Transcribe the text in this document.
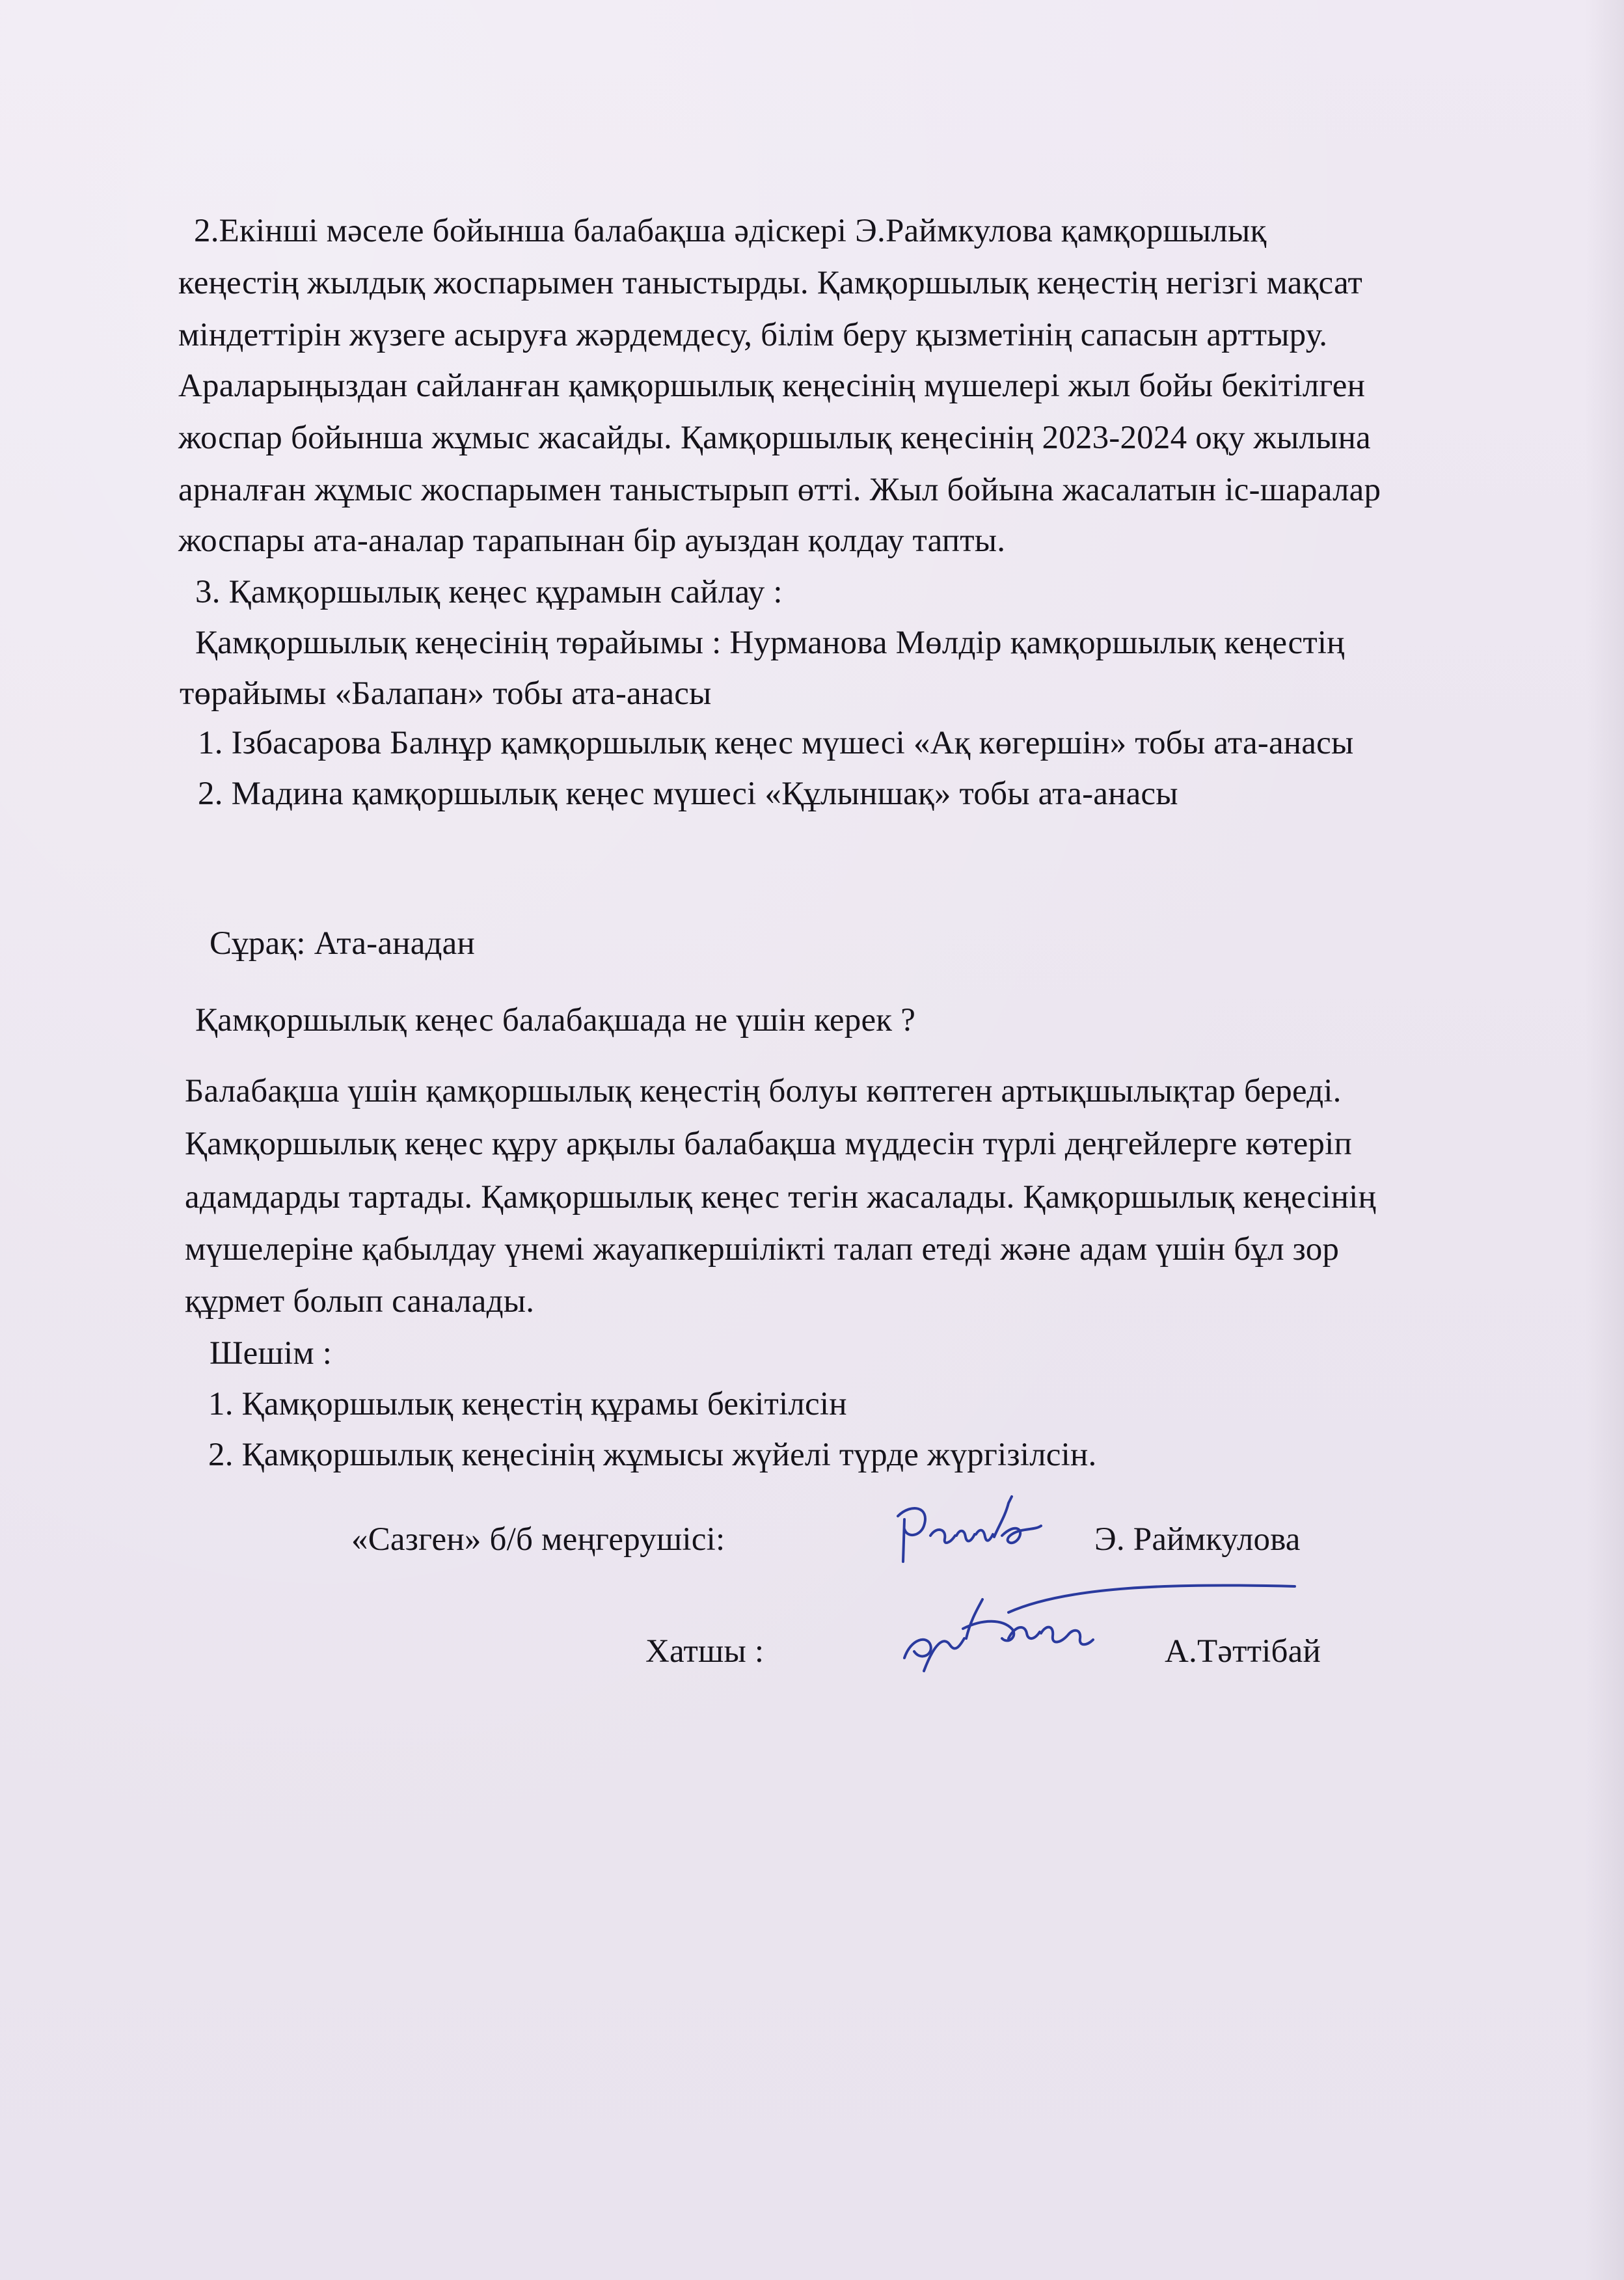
2.Екінші мәселе бойынша балабақша әдіскері Э.Раймкулова қамқоршылық
кеңестің жылдық жоспарымен таныстырды. Қамқоршылық кеңестің негізгі мақсат
міндеттірін жүзеге асыруға жәрдемдесу, білім беру қызметінің сапасын арттыру.
Араларыңыздан сайланған қамқоршылық кеңесінің мүшелері жыл бойы бекітілген
жоспар бойынша жұмыс жасайды. Қамқоршылық кеңесінің 2023-2024 оқу жылына
арналған жұмыс жоспарымен таныстырып өтті. Жыл бойына жасалатын іс-шаралар
жоспары ата-аналар тарапынан бір ауыздан қолдау тапты.
3. Қамқоршылық кеңес құрамын сайлау :
Қамқоршылық кеңесінің төрайымы : Нурманова Мөлдір қамқоршылық кеңестің
төрайымы «Балапан» тобы ата-анасы
1. Ізбасарова Балнұр қамқоршылық кеңес мүшесі «Ақ көгершін» тобы ата-анасы
2. Мадина қамқоршылық кеңес мүшесі «Құлыншақ» тобы ата-анасы
Сұрақ: Ата-анадан
Қамқоршылық кеңес балабақшада не үшін керек ?
Балабақша үшін қамқоршылық кеңестің болуы көптеген артықшылықтар береді.
Қамқоршылық кеңес құру арқылы балабақша мүддесін түрлі деңгейлерге көтеріп
адамдарды тартады. Қамқоршылық кеңес тегін жасалады. Қамқоршылық кеңесінің
мүшелеріне қабылдау үнемі жауапкершілікті талап етеді және адам үшін бұл зор
құрмет болып саналады.
Шешім :
1. Қамқоршылық кеңестің құрамы бекітілсін
2. Қамқоршылық кеңесінің жұмысы жүйелі түрде жүргізілсін.
«Сазген» б/б меңгерушісі:	Э. Раймкулова
Хатшы :	А.Тәттібай
